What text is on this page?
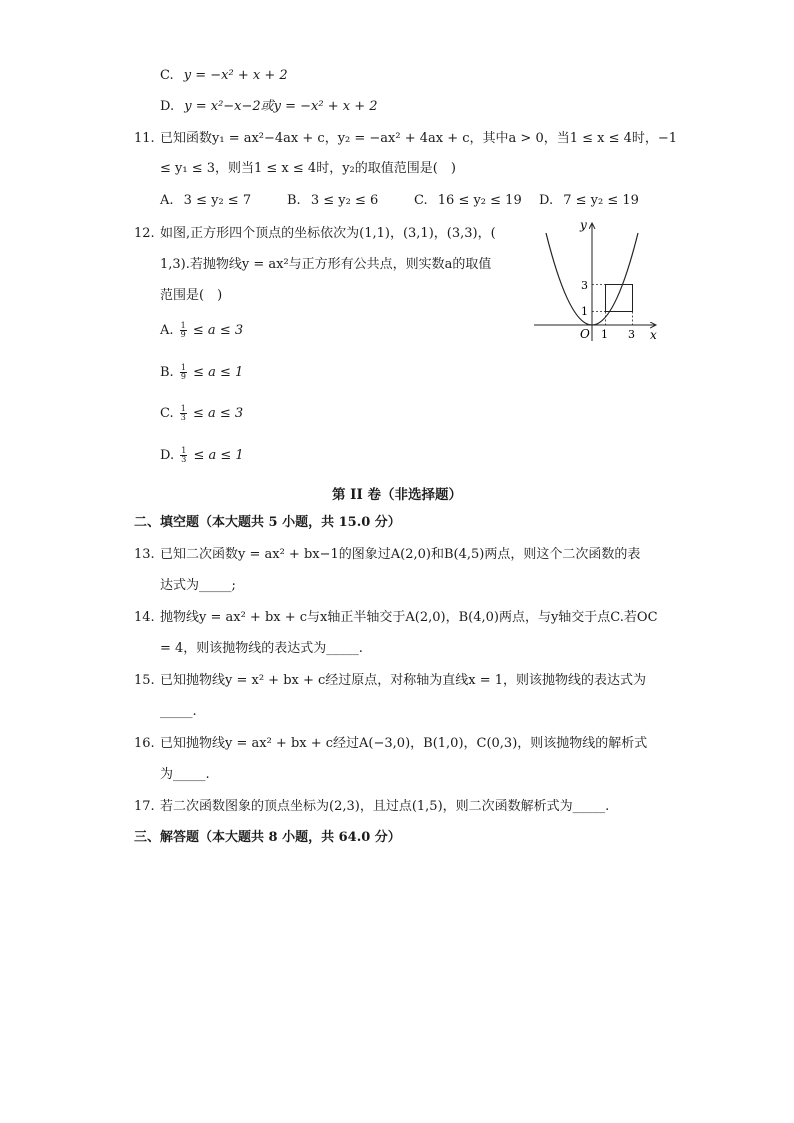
C. y = −x² + x + 2
D. y = x²−x−2或y = −x² + x + 2
11. 已知函数y₁ = ax²−4ax + c，y₂ = −ax² + 4ax + c，其中a > 0，当1 ≤ x ≤ 4时，−1
≤ y₁ ≤ 3，则当1 ≤ x ≤ 4时，y₂的取值范围是(　)
A. 3 ≤ y₂ ≤ 7	B. 3 ≤ y₂ ≤ 6	C. 16 ≤ y₂ ≤ 19 D. 7 ≤ y₂ ≤ 19
12. 如图,正方形四个顶点的坐标依次为(1,1)，(3,1)，(3,3)，(
1,3).若抛物线y = ax²与正方形有公共点，则实数a的取值
范围是(　)
A. $\frac{1}{9} \le a \le 3$
B. $\frac{1}{9} \le a \le 1$
C. $\frac{1}{3} \le a \le 3$
D. $\frac{1}{3} \le a \le 1$
y
x
O 1 3
3
1
第 II 卷（非选择题）
二、填空题（本大题共 5 小题，共 15.0 分）
13. 已知二次函数y = ax² + bx−1的图象过A(2,0)和B(4,5)两点，则这个二次函数的表
达式为_____;
14. 抛物线y = ax² + bx + c与x轴正半轴交于A(2,0)，B(4,0)两点，与y轴交于点C.若OC
= 4，则该抛物线的表达式为_____.
15. 已知抛物线y = x² + bx + c经过原点，对称轴为直线x = 1，则该抛物线的表达式为
_____.
16. 已知抛物线y = ax² + bx + c经过A(−3,0)，B(1,0)，C(0,3)，则该抛物线的解析式
为_____.
17. 若二次函数图象的顶点坐标为(2,3)，且过点(1,5)，则二次函数解析式为_____.
三、解答题（本大题共 8 小题，共 64.0 分）
